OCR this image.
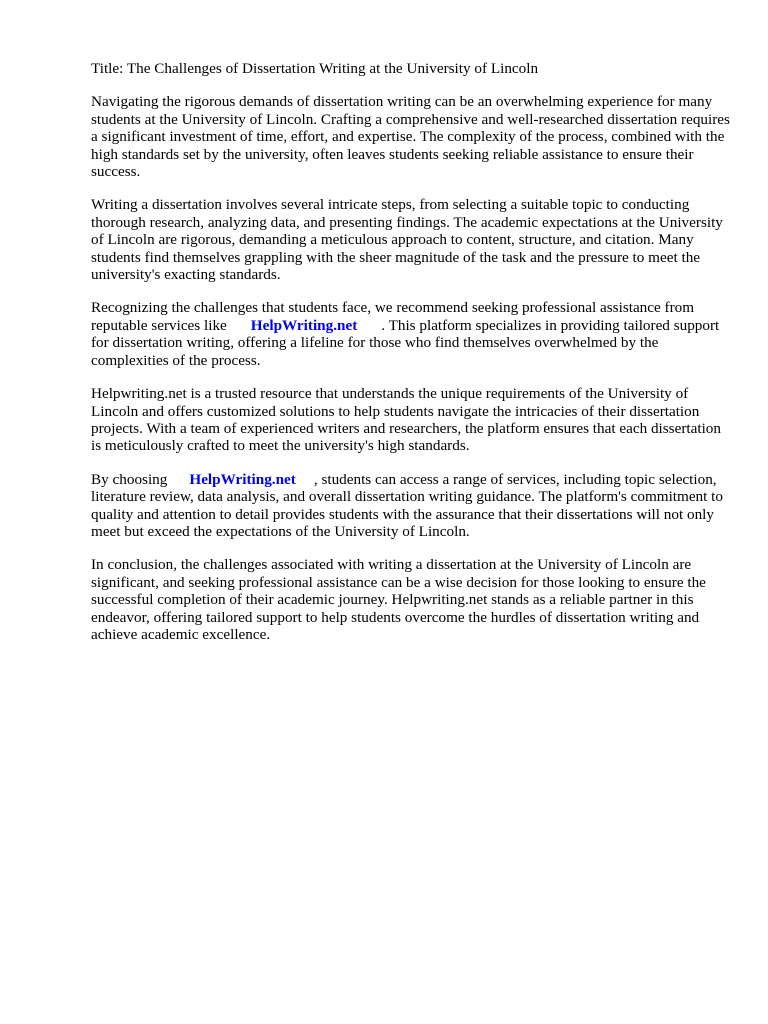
Title: The Challenges of Dissertation Writing at the University of Lincoln

Navigating the rigorous demands of dissertation writing can be an overwhelming experience for many students at the University of Lincoln. Crafting a comprehensive and well-researched dissertation requires a significant investment of time, effort, and expertise. The complexity of the process, combined with the high standards set by the university, often leaves students seeking reliable assistance to ensure their success.

Writing a dissertation involves several intricate steps, from selecting a suitable topic to conducting thorough research, analyzing data, and presenting findings. The academic expectations at the University of Lincoln are rigorous, demanding a meticulous approach to content, structure, and citation. Many students find themselves grappling with the sheer magnitude of the task and the pressure to meet the university's exacting standards.

Recognizing the challenges that students face, we recommend seeking professional assistance from reputable services like HelpWriting.net . This platform specializes in providing tailored support for dissertation writing, offering a lifeline for those who find themselves overwhelmed by the complexities of the process.

Helpwriting.net is a trusted resource that understands the unique requirements of the University of Lincoln and offers customized solutions to help students navigate the intricacies of their dissertation projects. With a team of experienced writers and researchers, the platform ensures that each dissertation is meticulously crafted to meet the university's high standards.

By choosing HelpWriting.net , students can access a range of services, including topic selection, literature review, data analysis, and overall dissertation writing guidance. The platform's commitment to quality and attention to detail provides students with the assurance that their dissertations will not only meet but exceed the expectations of the University of Lincoln.

In conclusion, the challenges associated with writing a dissertation at the University of Lincoln are significant, and seeking professional assistance can be a wise decision for those looking to ensure the successful completion of their academic journey. Helpwriting.net stands as a reliable partner in this endeavor, offering tailored support to help students overcome the hurdles of dissertation writing and achieve academic excellence.
